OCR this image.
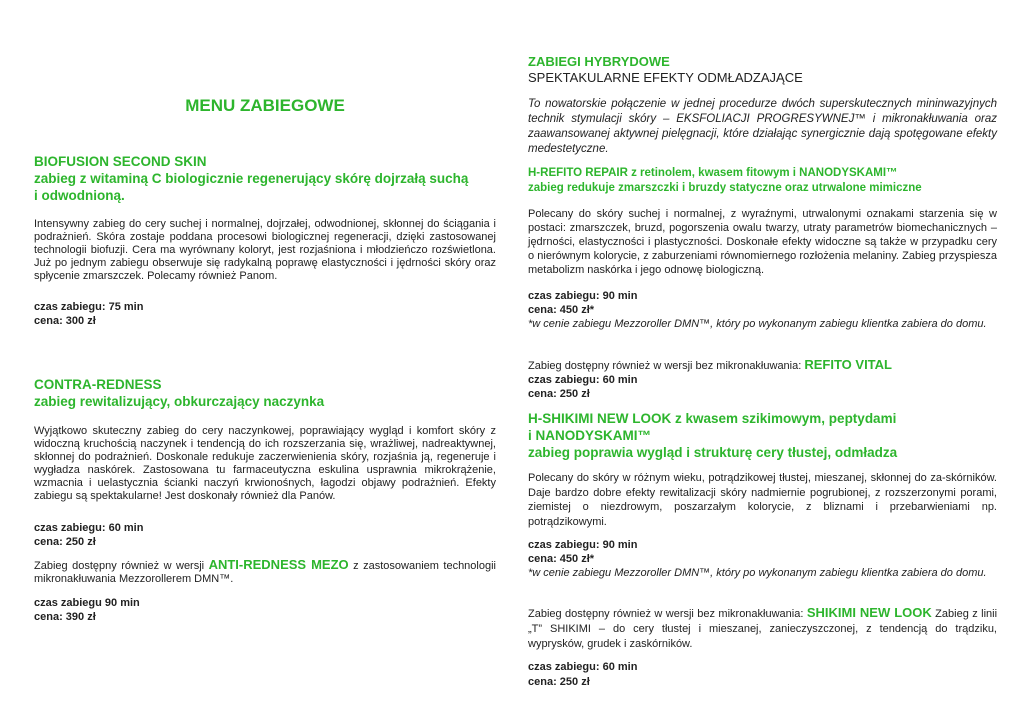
MENU ZABIEGOWE

BIOFUSION SECOND SKIN

zabieg z witaminą C biologicznie regenerujący skórę dojrzałą suchą

i odwodnioną.

Intensywny zabieg do cery suchej i normalnej, dojrzałej, odwodnionej, skłonnej do ściągania i podrażnień. Skóra zostaje poddana procesowi biologicznej regeneracji, dzięki zastosowanej technologii biofuzji. Cera ma wyrównany koloryt, jest rozjaśniona i młodzieńczo rozświetlona. Już po jednym zabiegu obserwuje się radykalną poprawę elastyczności i jędrności skóry oraz spłycenie zmarszczek. Polecamy również Panom.

czas zabiegu: 75 min

cena: 300 zł

CONTRA-REDNESS

zabieg rewitalizujący, obkurczający naczynka

Wyjątkowo skuteczny zabieg do cery naczynkowej, poprawiający wygląd i komfort skóry z widoczną kruchością naczynek i tendencją do ich rozszerzania się, wrażliwej, nadreaktywnej, skłonnej do podrażnień. Doskonale redukuje zaczerwienienia skóry, rozjaśnia ją, regeneruje i wygładza naskórek. Zastosowana tu farmaceutyczna eskulina usprawnia mikrokrążenie, wzmacnia i uelastycznia ścianki naczyń krwionośnych, łagodzi objawy podrażnień. Efekty zabiegu są spektakularne! Jest doskonały również dla Panów.

czas zabiegu: 60 min

cena: 250 zł

Zabieg dostępny również w wersji ANTI-REDNESS MEZO z zastosowaniem technologii mikronakłuwania Mezzorollerem DMN™.

czas zabiegu 90 min

cena: 390 zł

ZABIEGI HYBRYDOWE

SPEKTAKULARNE EFEKTY ODMŁADZAJĄCE

To nowatorskie połączenie w jednej procedurze dwóch superskutecznych mininwazyjnych technik stymulacji skóry – EKSFOLIACJI PROGRESYWNEJ™ i mikronakłuwania oraz zaawansowanej aktywnej pielęgnacji, które działając synergicznie dają spotęgowane efekty medestetyczne.

H-REFITO REPAIR z retinolem, kwasem fitowym i NANODYSKAMI™

zabieg redukuje zmarszczki i bruzdy statyczne oraz utrwalone mimiczne

Polecany do skóry suchej i normalnej, z wyraźnymi, utrwalonymi oznakami starzenia się w postaci: zmarszczek, bruzd, pogorszenia owalu twarzy, utraty parametrów biomechanicznych – jędrności, elastyczności i plastyczności. Doskonałe efekty widoczne są także w przypadku cery o nierównym kolorycie, z zaburzeniami równomiernego rozłożenia melaniny. Zabieg przyspiesza metabolizm naskórka i jego odnowę biologiczną.

czas zabiegu: 90 min

cena: 450 zł*

*w cenie zabiegu Mezzoroller DMN™, który po wykonanym zabiegu klientka zabiera do domu.

Zabieg dostępny również w wersji bez mikronakłuwania: REFITO VITAL

czas zabiegu: 60 min

cena: 250 zł

H-SHIKIMI NEW LOOK z kwasem szikimowym, peptydami

i NANODYSKAMI™

zabieg poprawia wygląd i strukturę cery tłustej, odmładza

Polecany do skóry w różnym wieku, potrądzikowej tłustej, mieszanej, skłonnej do za-skórników. Daje bardzo dobre efekty rewitalizacji skóry nadmiernie pogrubionej, z rozszerzonymi porami, ziemistej o niezdrowym, poszarzałym kolorycie, z bliznami i przebarwieniami np. potrądzikowymi.

czas zabiegu: 90 min

cena: 450 zł*

*w cenie zabiegu Mezzoroller DMN™, który po wykonanym zabiegu klientka zabiera do domu.

Zabieg dostępny również w wersji bez mikronakłuwania: SHIKIMI NEW LOOK Zabieg z linii „T” SHIKIMI – do cery tłustej i mieszanej, zanieczyszczonej, z tendencją do trądziku, wyprysków, grudek i zaskórników.

czas zabiegu: 60 min

cena: 250 zł
